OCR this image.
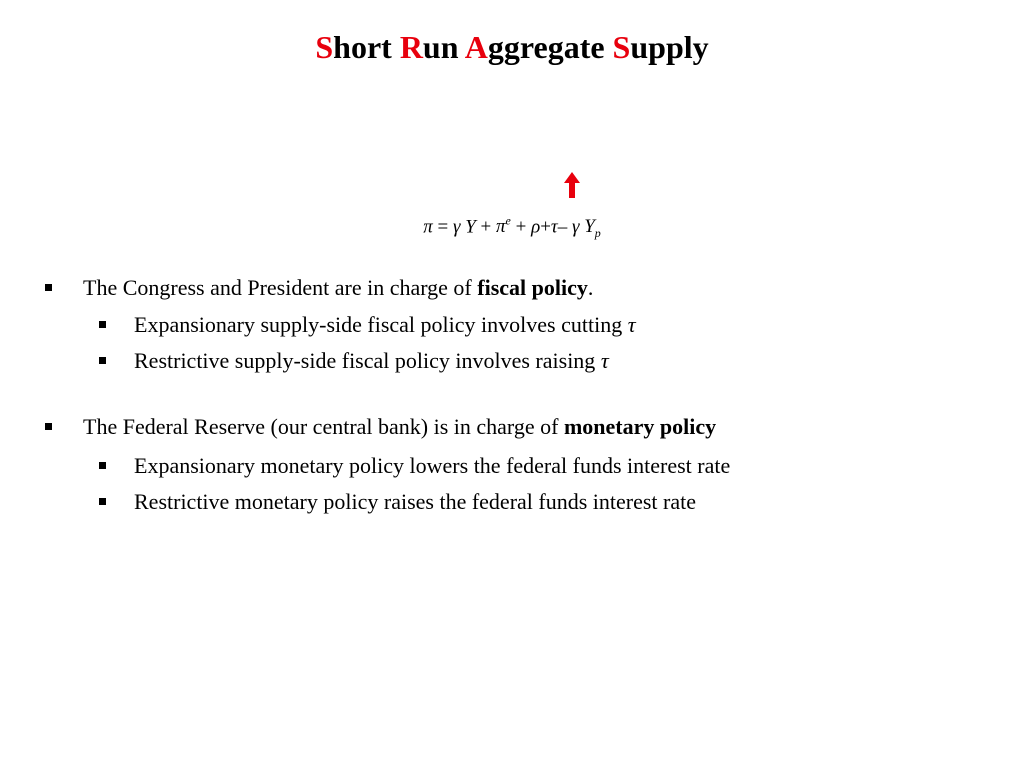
Short Run Aggregate Supply
π = γ $Y + \pi^e + \rho+\tau-$ γ $Y_p$
The Congress and President are in charge of fiscal policy.
Expansionary supply-side fiscal policy involves cutting τ
Restrictive supply-side fiscal policy involves raising τ
The Federal Reserve (our central bank) is in charge of monetary policy
Expansionary monetary policy lowers the federal funds interest rate
Restrictive monetary policy raises the federal funds interest rate
